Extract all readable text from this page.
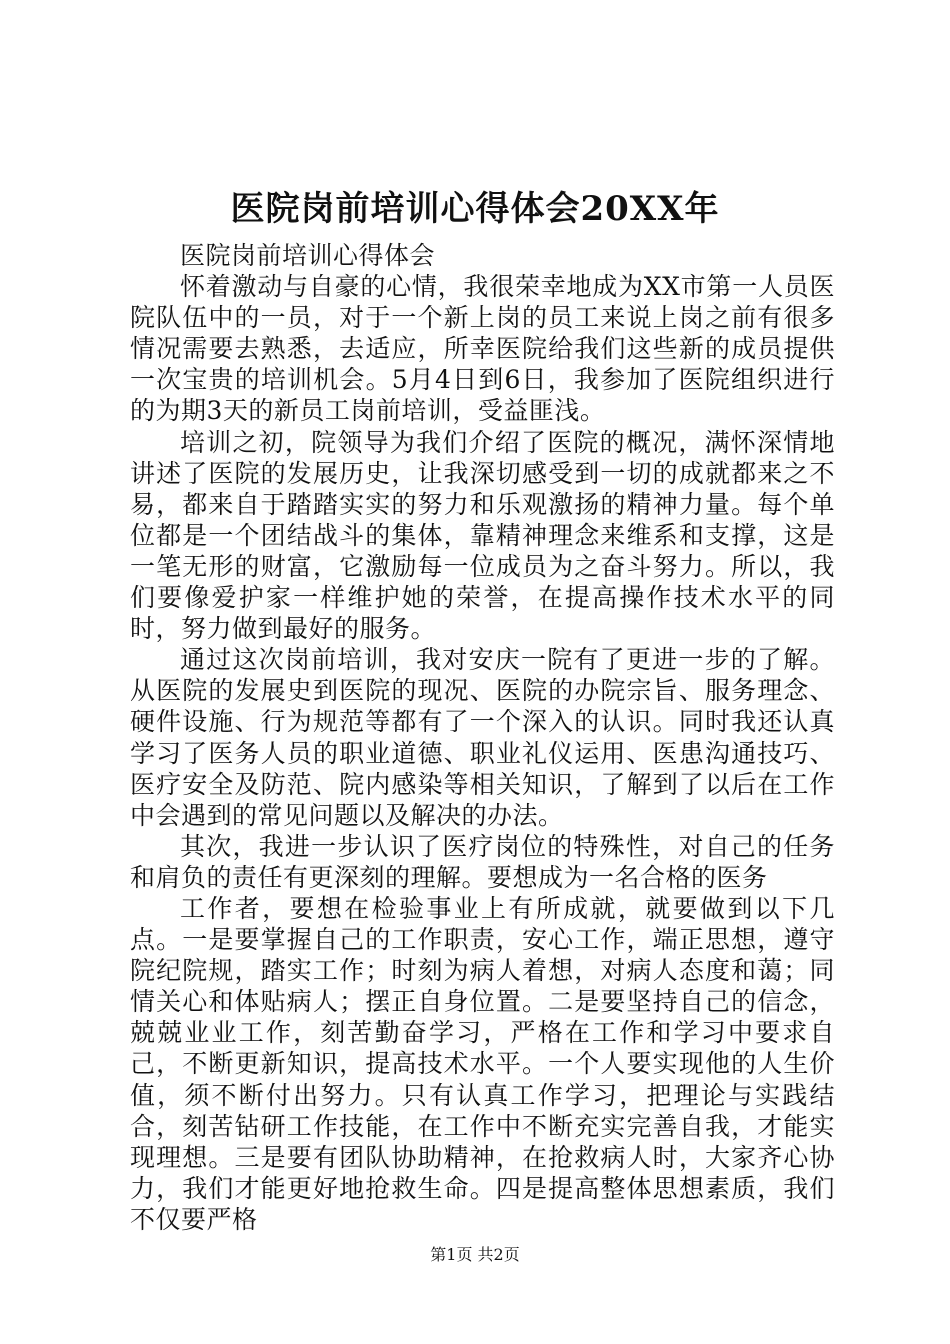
医院岗前培训心得体会20XX年

医院岗前培训心得体会

怀着激动与自豪的心情，我很荣幸地成为XX市第一人员医院队伍中的一员，对于一个新上岗的员工来说上岗之前有很多情况需要去熟悉，去适应，所幸医院给我们这些新的成员提供一次宝贵的培训机会。5月4日到6日，我参加了医院组织进行的为期3天的新员工岗前培训，受益匪浅。

培训之初，院领导为我们介绍了医院的概况，满怀深情地讲述了医院的发展历史，让我深切感受到一切的成就都来之不易，都来自于踏踏实实的努力和乐观激扬的精神力量。每个单位都是一个团结战斗的集体，靠精神理念来维系和支撑，这是一笔无形的财富，它激励每一位成员为之奋斗努力。所以，我们要像爱护家一样维护她的荣誉，在提高操作技术水平的同时，努力做到最好的服务。

通过这次岗前培训，我对安庆一院有了更进一步的了解。从医院的发展史到医院的现况、医院的办院宗旨、服务理念、硬件设施、行为规范等都有了一个深入的认识。同时我还认真学习了医务人员的职业道德、职业礼仪运用、医患沟通技巧、医疗安全及防范、院内感染等相关知识，了解到了以后在工作中会遇到的常见问题以及解决的办法。

其次，我进一步认识了医疗岗位的特殊性，对自己的任务和肩负的责任有更深刻的理解。要想成为一名合格的医务

工作者，要想在检验事业上有所成就，就要做到以下几点。一是要掌握自己的工作职责，安心工作，端正思想，遵守院纪院规，踏实工作；时刻为病人着想，对病人态度和蔼；同情关心和体贴病人；摆正自身位置。二是要坚持自己的信念，兢兢业业工作，刻苦勤奋学习，严格在工作和学习中要求自己，不断更新知识，提高技术水平。一个人要实现他的人生价值，须不断付出努力。只有认真工作学习，把理论与实践结合，刻苦钻研工作技能，在工作中不断充实完善自我，才能实现理想。三是要有团队协助精神，在抢救病人时，大家齐心协力，我们才能更好地抢救生命。四是提高整体思想素质，我们不仅要严格

第1页 共2页
